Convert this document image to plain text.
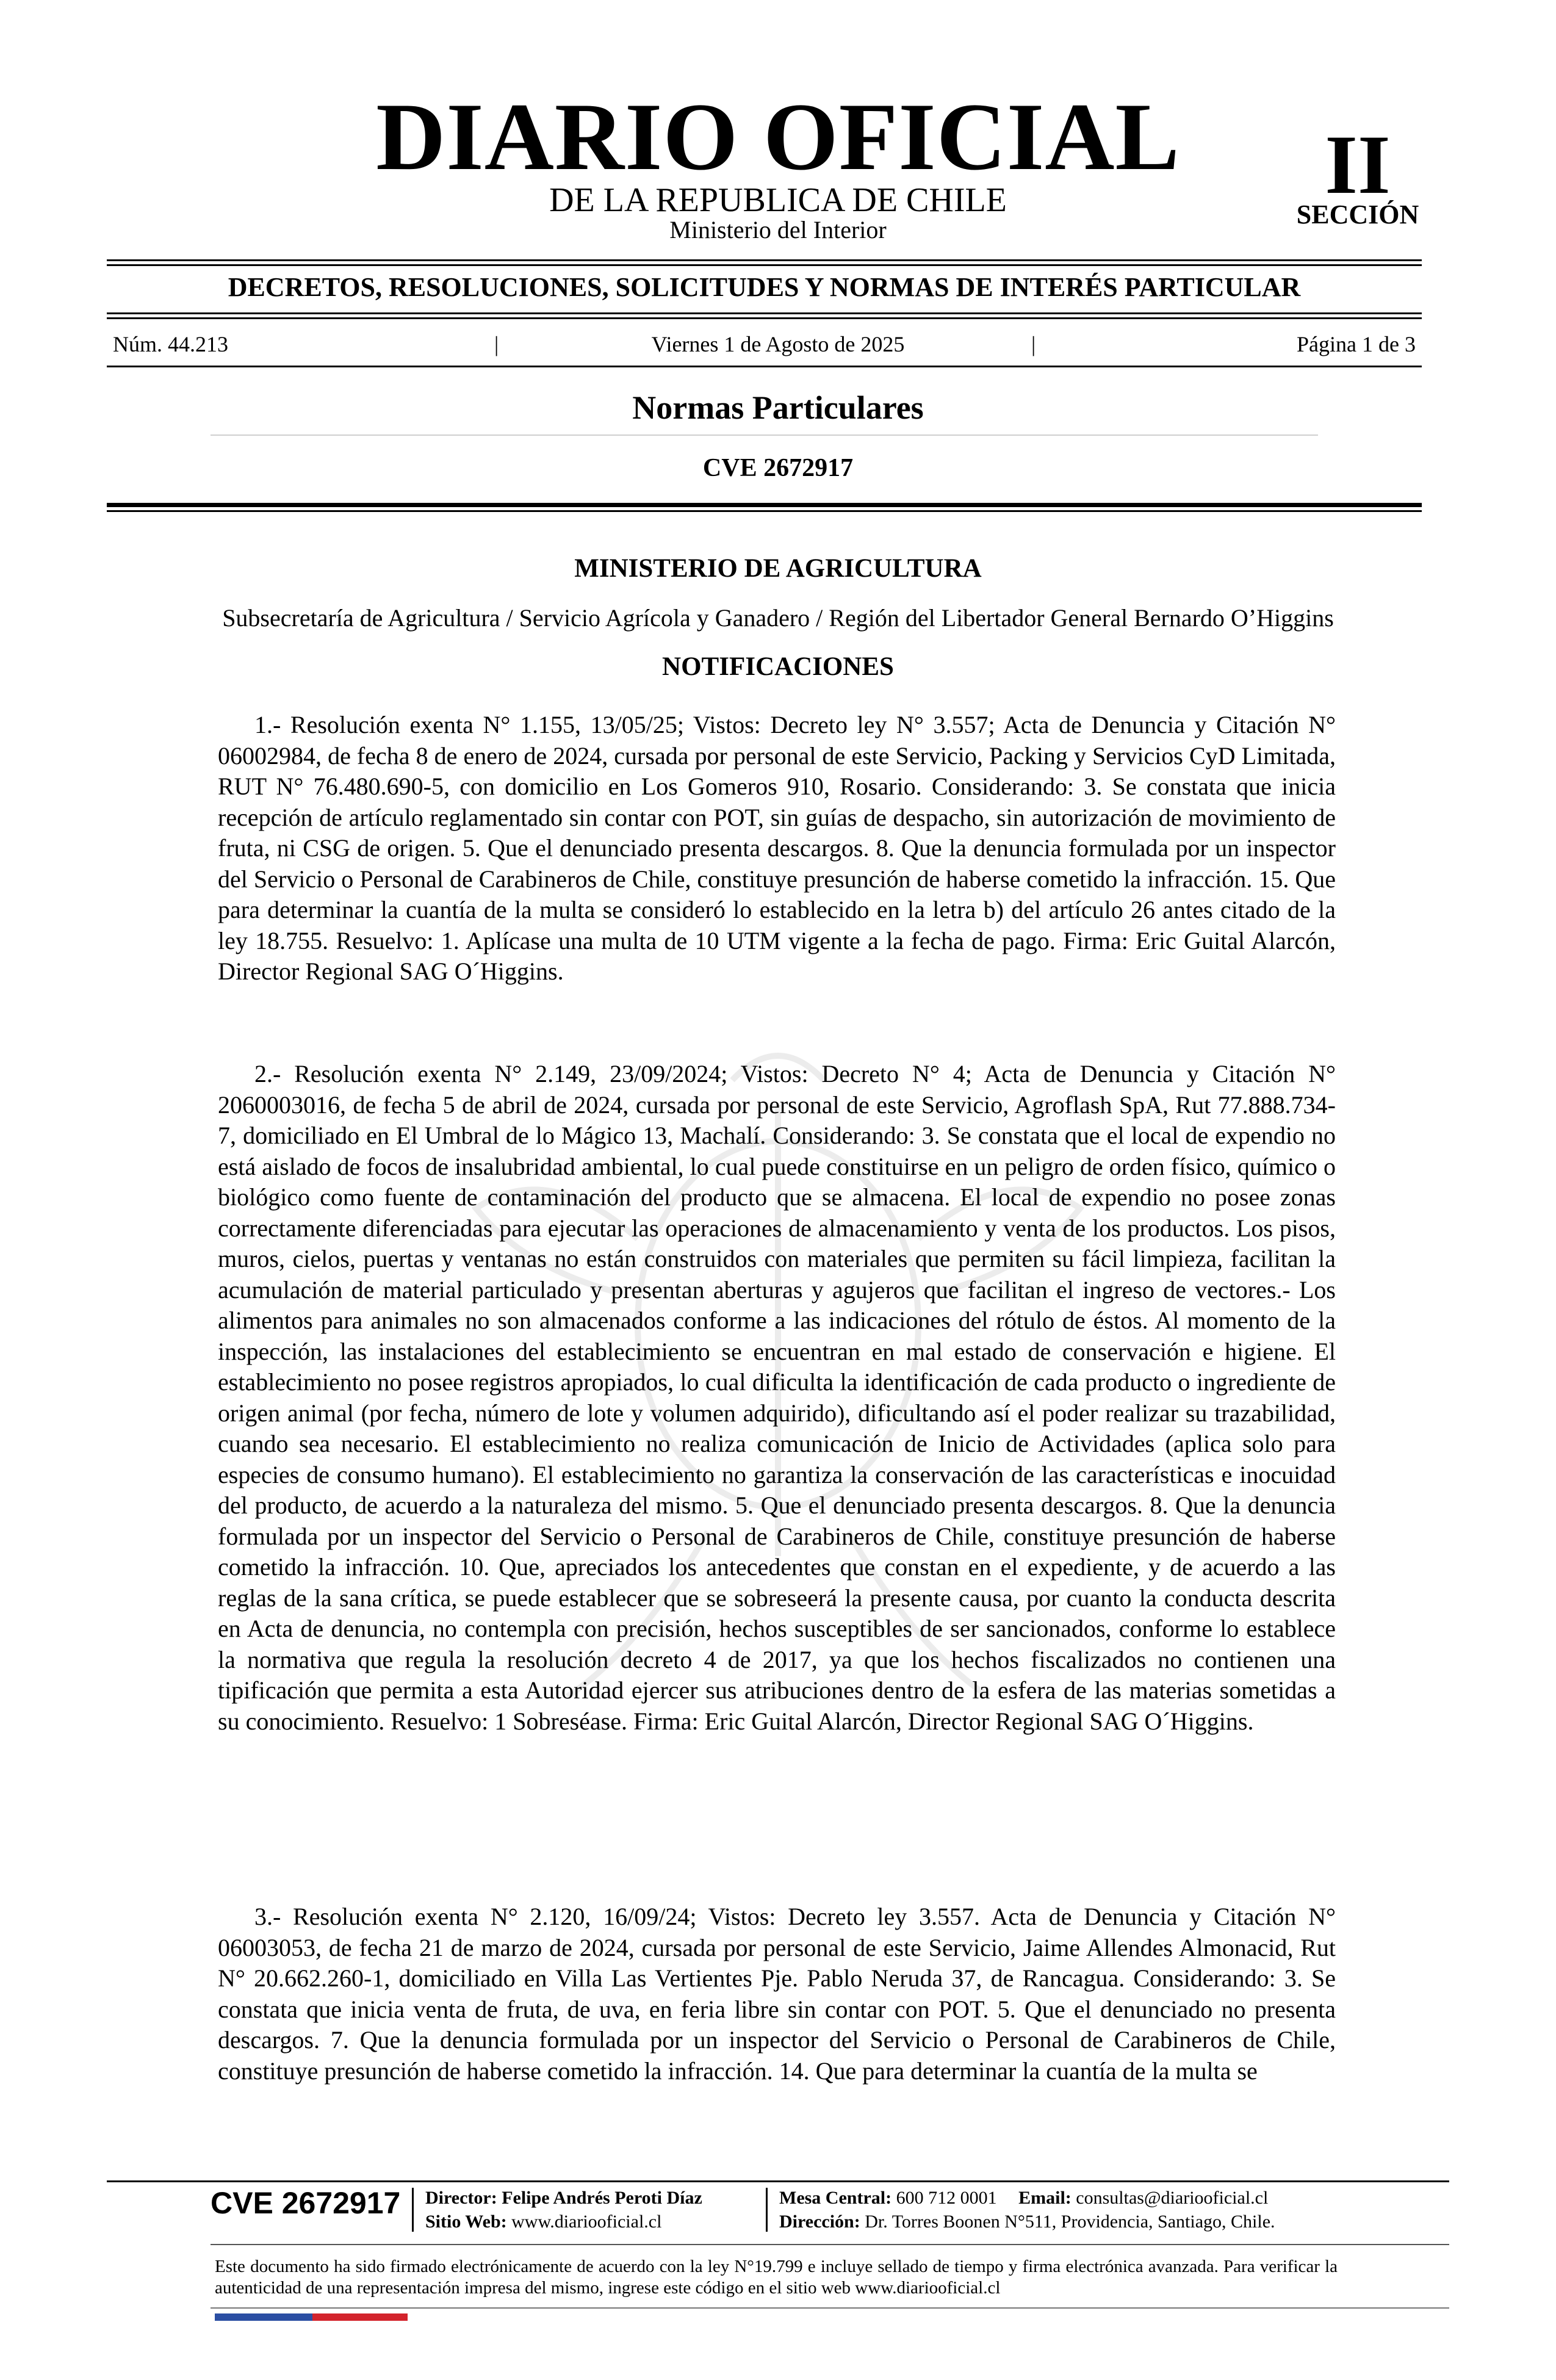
DIARIO OFICIAL
DE LA REPUBLICA DE CHILE
Ministerio del Interior
II
SECCIÓN
DECRETOS, RESOLUCIONES, SOLICITUDES Y NORMAS DE INTERÉS PARTICULAR
Núm. 44.213	|	Viernes 1 de Agosto de 2025	|	Página 1 de 3
Normas Particulares
CVE 2672917
MINISTERIO DE AGRICULTURA
Subsecretaría de Agricultura / Servicio Agrícola y Ganadero / Región del Libertador General Bernardo O’Higgins
NOTIFICACIONES
1.- Resolución exenta N° 1.155, 13/05/25; Vistos: Decreto ley N° 3.557; Acta de Denuncia y Citación N° 06002984, de fecha 8 de enero de 2024, cursada por personal de este Servicio, Packing y Servicios CyD Limitada, RUT N° 76.480.690-5, con domicilio en Los Gomeros 910, Rosario. Considerando: 3. Se constata que inicia recepción de artículo reglamentado sin contar con POT, sin guías de despacho, sin autorización de movimiento de fruta, ni CSG de origen. 5. Que el denunciado presenta descargos. 8. Que la denuncia formulada por un inspector del Servicio o Personal de Carabineros de Chile, constituye presunción de haberse cometido la infracción. 15. Que para determinar la cuantía de la multa se consideró lo establecido en la letra b) del artículo 26 antes citado de la ley 18.755. Resuelvo: 1. Aplícase una multa de 10 UTM vigente a la fecha de pago. Firma: Eric Guital Alarcón, Director Regional SAG O´Higgins.
2.- Resolución exenta N° 2.149, 23/09/2024; Vistos: Decreto N° 4; Acta de Denuncia y Citación N° 2060003016, de fecha 5 de abril de 2024, cursada por personal de este Servicio, Agroflash SpA, Rut 77.888.734-7, domiciliado en El Umbral de lo Mágico 13, Machalí. Considerando: 3. Se constata que el local de expendio no está aislado de focos de insalubridad ambiental, lo cual puede constituirse en un peligro de orden físico, químico o biológico como fuente de contaminación del producto que se almacena. El local de expendio no posee zonas correctamente diferenciadas para ejecutar las operaciones de almacenamiento y venta de los productos. Los pisos, muros, cielos, puertas y ventanas no están construidos con materiales que permiten su fácil limpieza, facilitan la acumulación de material particulado y presentan aberturas y agujeros que facilitan el ingreso de vectores.- Los alimentos para animales no son almacenados conforme a las indicaciones del rótulo de éstos. Al momento de la inspección, las instalaciones del establecimiento se encuentran en mal estado de conservación e higiene. El establecimiento no posee registros apropiados, lo cual dificulta la identificación de cada producto o ingrediente de origen animal (por fecha, número de lote y volumen adquirido), dificultando así el poder realizar su trazabilidad, cuando sea necesario. El establecimiento no realiza comunicación de Inicio de Actividades (aplica solo para especies de consumo humano). El establecimiento no garantiza la conservación de las características e inocuidad del producto, de acuerdo a la naturaleza del mismo. 5. Que el denunciado presenta descargos. 8. Que la denuncia formulada por un inspector del Servicio o Personal de Carabineros de Chile, constituye presunción de haberse cometido la infracción. 10. Que, apreciados los antecedentes que constan en el expediente, y de acuerdo a las reglas de la sana crítica, se puede establecer que se sobreseerá la presente causa, por cuanto la conducta descrita en Acta de denuncia, no contempla con precisión, hechos susceptibles de ser sancionados, conforme lo establece la normativa que regula la resolución decreto 4 de 2017, ya que los hechos fiscalizados no contienen una tipificación que permita a esta Autoridad ejercer sus atribuciones dentro de la esfera de las materias sometidas a su conocimiento. Resuelvo: 1 Sobreséase. Firma: Eric Guital Alarcón, Director Regional SAG O´Higgins.
3.- Resolución exenta N° 2.120, 16/09/24; Vistos: Decreto ley 3.557. Acta de Denuncia y Citación N° 06003053, de fecha 21 de marzo de 2024, cursada por personal de este Servicio, Jaime Allendes Almonacid, Rut N° 20.662.260-1, domiciliado en Villa Las Vertientes Pje. Pablo Neruda 37, de Rancagua. Considerando: 3. Se constata que inicia venta de fruta, de uva, en feria libre sin contar con POT. 5. Que el denunciado no presenta descargos. 7. Que la denuncia formulada por un inspector del Servicio o Personal de Carabineros de Chile, constituye presunción de haberse cometido la infracción. 14. Que para determinar la cuantía de la multa se
CVE 2672917 Director: Felipe Andrés Peroti Díaz
Sitio Web: www.diariooficial.cl
Mesa Central: 600 712 0001 Email: consultas@diariooficial.cl
Dirección: Dr. Torres Boonen N°511, Providencia, Santiago, Chile.
Este documento ha sido firmado electrónicamente de acuerdo con la ley N°19.799 e incluye sellado de tiempo y firma electrónica avanzada. Para verificar la autenticidad de una representación impresa del mismo, ingrese este código en el sitio web www.diariooficial.cl
